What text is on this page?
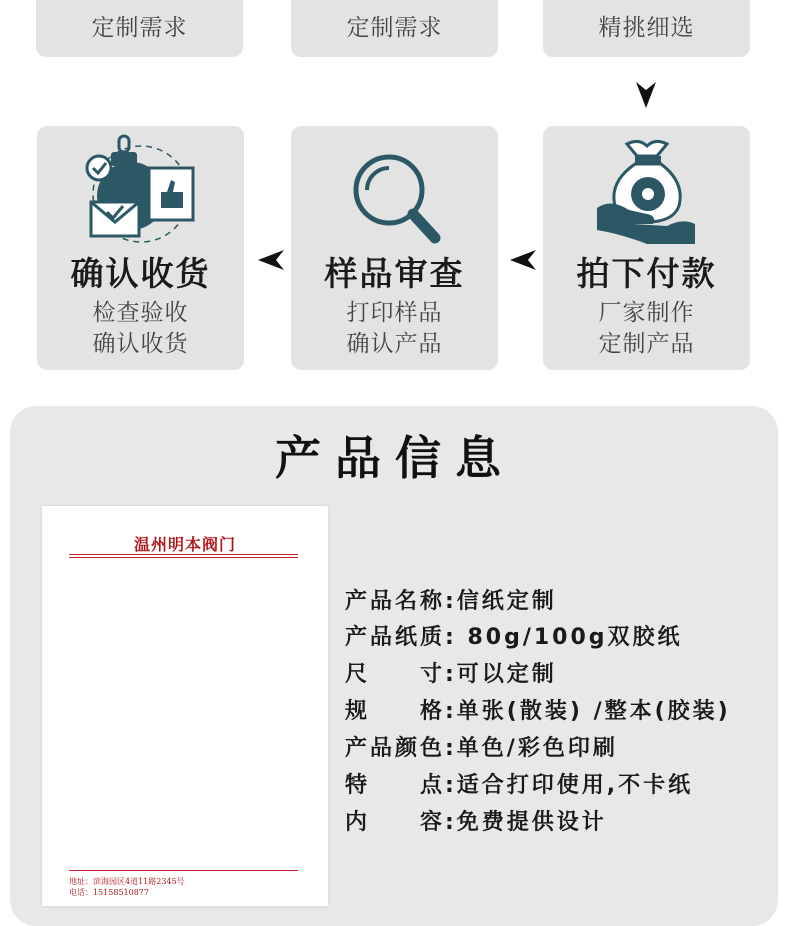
定制需求	定制需求	精挑细选
确认收货
检查验收
确认收货
样品审查
打印样品
确认产品
拍下付款
厂家制作
定制产品
产品信息
温州明本阀门
地址：滨海园区4道11路2345号
电话：15158510877
产品名称:信纸定制
产品纸质: 80g/100g双胶纸
尺　　寸:可以定制
规　　格:单张(散装) /整本(胶装)
产品颜色:单色/彩色印刷
特　　点:适合打印使用,不卡纸
内　　容:免费提供设计
